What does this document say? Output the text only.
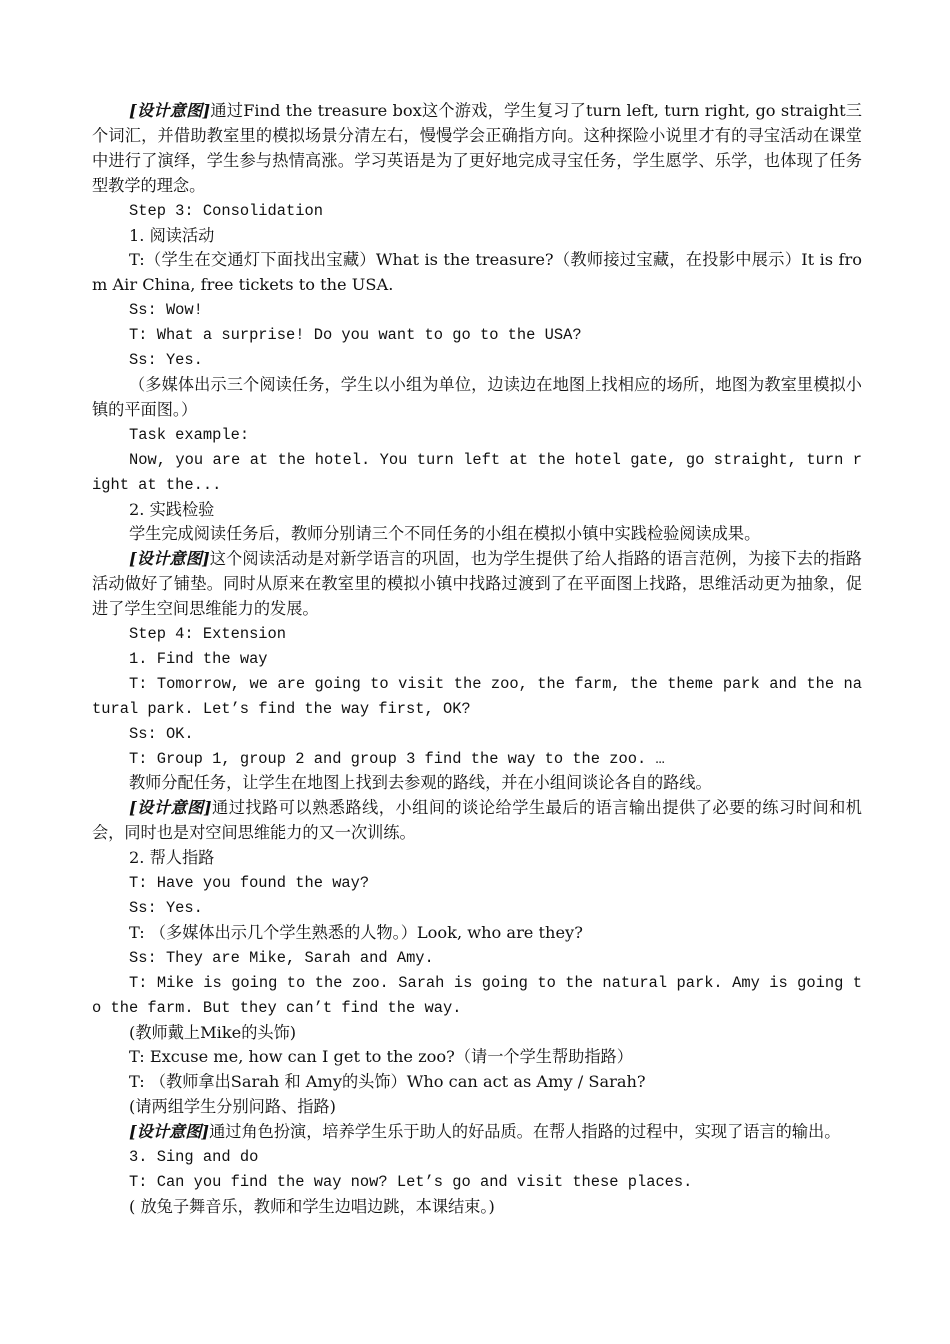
[设计意图]通过Find the treasure box这个游戏，学生复习了turn left, turn right, go straight三个词汇，并借助教室里的模拟场景分清左右，慢慢学会正确指方向。这种探险小说里才有的寻宝活动在课堂中进行了演绎，学生参与热情高涨。学习英语是为了更好地完成寻宝任务，学生愿学、乐学，也体现了任务型教学的理念。

Step 3: Consolidation

1. 阅读活动

T:（学生在交通灯下面找出宝藏）What is the treasure?（教师接过宝藏，在投影中展示）It is from Air China, free tickets to the USA.

Ss: Wow!

T: What a surprise! Do you want to go to the USA?

Ss: Yes.

（多媒体出示三个阅读任务，学生以小组为单位，边读边在地图上找相应的场所，地图为教室里模拟小镇的平面图。）

Task example:

Now, you are at the hotel. You turn left at the hotel gate, go straight, turn right at the...

2. 实践检验

学生完成阅读任务后，教师分别请三个不同任务的小组在模拟小镇中实践检验阅读成果。

[设计意图]这个阅读活动是对新学语言的巩固，也为学生提供了给人指路的语言范例，为接下去的指路活动做好了铺垫。同时从原来在教室里的模拟小镇中找路过渡到了在平面图上找路，思维活动更为抽象，促进了学生空间思维能力的发展。

Step 4: Extension

1. Find the way

T: Tomorrow, we are going to visit the zoo, the farm, the theme park and the natural park. Let’s find the way first, OK?

Ss: OK.

T: Group 1, group 2 and group 3 find the way to the zoo. …

教师分配任务，让学生在地图上找到去参观的路线，并在小组间谈论各自的路线。

[设计意图]通过找路可以熟悉路线，小组间的谈论给学生最后的语言输出提供了必要的练习时间和机会，同时也是对空间思维能力的又一次训练。

2. 帮人指路

T: Have you found the way?

Ss: Yes.

T: （多媒体出示几个学生熟悉的人物。）Look, who are they?

Ss: They are Mike, Sarah and Amy.

T: Mike is going to the zoo. Sarah is going to the natural park. Amy is going to the farm. But they can’t find the way.

(教师戴上Mike的头饰)

T: Excuse me, how can I get to the zoo?（请一个学生帮助指路）

T: （教师拿出Sarah 和 Amy的头饰）Who can act as Amy / Sarah?

(请两组学生分别问路、指路)

[设计意图]通过角色扮演，培养学生乐于助人的好品质。在帮人指路的过程中，实现了语言的输出。

3. Sing and do

T: Can you find the way now? Let’s go and visit these places.

( 放兔子舞音乐，教师和学生边唱边跳，本课结束。)
